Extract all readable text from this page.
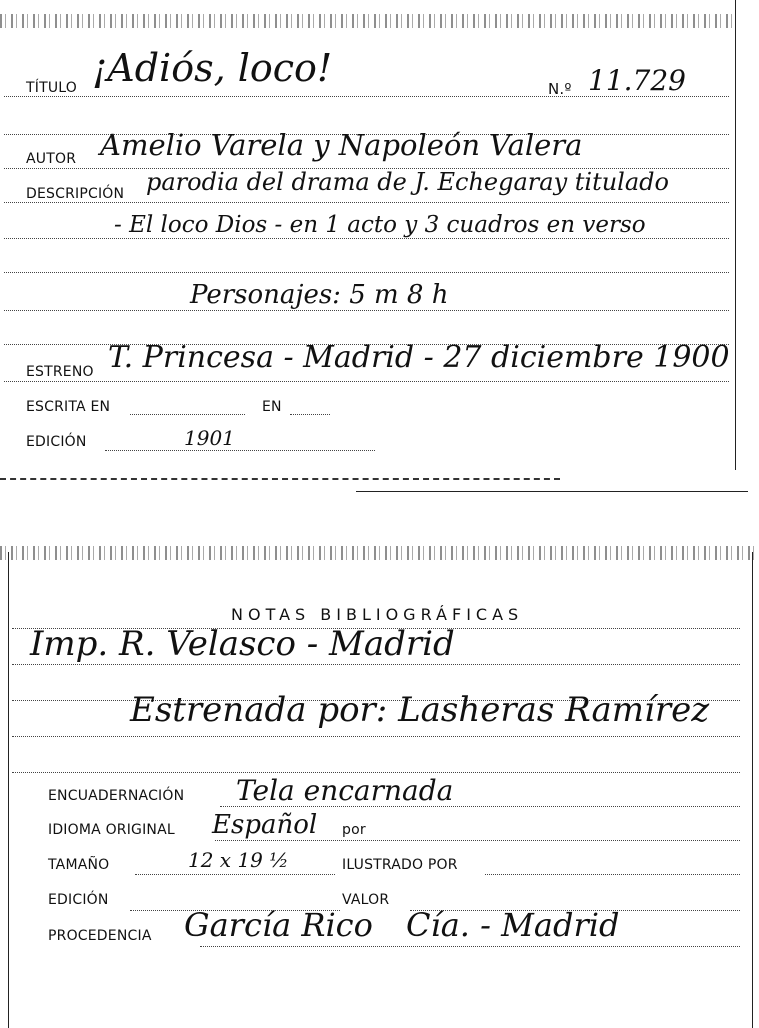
TÍTULO ¡Adiós, loco!	N.º 11.729
AUTOR Amelio Varela y Napoleón Valera
DESCRIPCIÓN parodia del drama de J. Echegaray titulado
- El loco Dios - en 1 acto y 3 cuadros en verso
Personajes: 5 m 8 h
ESTRENO T. Princesa - Madrid - 27 diciembre 1900
ESCRITA EN	EN
EDICIÓN	1901
NOTAS BIBLIOGRÁFICAS
Imp. R. Velasco - Madrid
Estrenada por: Lasheras Ramírez
ENCUADERNACIÓN Tela encarnada
IDIOMA ORIGINAL Español por
TAMAÑO	12 x 19 ½	ILUSTRADO POR
EDICIÓN	VALOR
PROCEDENCIA García Rico Cía. - Madrid
